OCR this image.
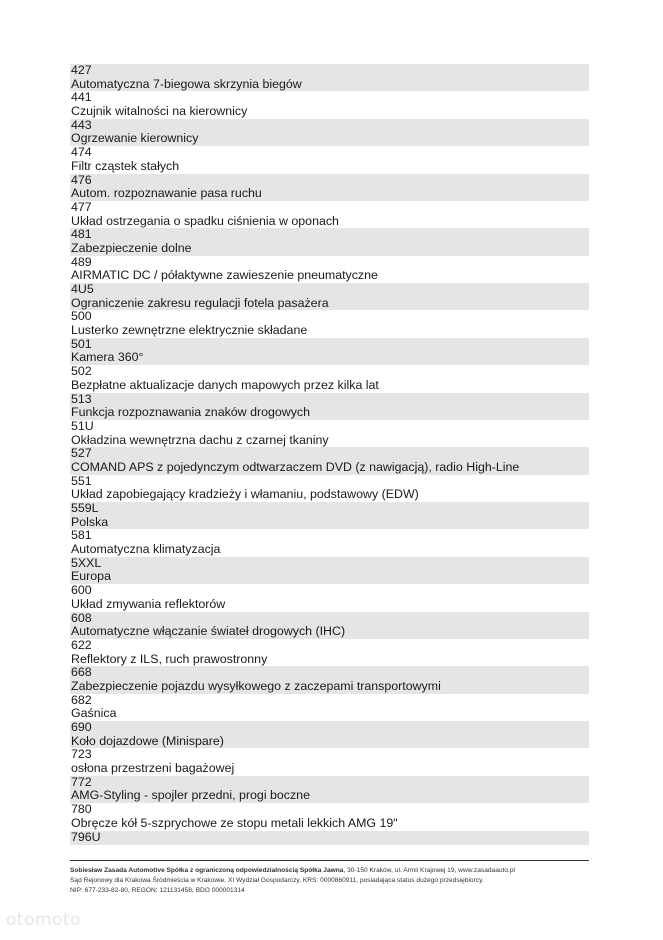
427
Automatyczna 7-biegowa skrzynia biegów
441
Czujnik witalności na kierownicy
443
Ogrzewanie kierownicy
474
Filtr cząstek stałych
476
Autom. rozpoznawanie pasa ruchu
477
Układ ostrzegania o spadku ciśnienia w oponach
481
Zabezpieczenie dolne
489
AIRMATIC DC / półaktywne zawieszenie pneumatyczne
4U5
Ograniczenie zakresu regulacji fotela pasażera
500
Lusterko zewnętrzne elektrycznie składane
501
Kamera 360°
502
Bezpłatne aktualizacje danych mapowych przez kilka lat
513
Funkcja rozpoznawania znaków drogowych
51U
Okładzina wewnętrzna dachu z czarnej tkaniny
527
COMAND APS z pojedynczym odtwarzaczem DVD (z nawigacją), radio High-Line
551
Układ zapobiegający kradzieży i włamaniu, podstawowy (EDW)
559L
Polska
581
Automatyczna klimatyzacja
5XXL
Europa
600
Układ zmywania reflektorów
608
Automatyczne włączanie świateł drogowych (IHC)
622
Reflektory z ILS, ruch prawostronny
668
Zabezpieczenie pojazdu wysyłkowego z zaczepami transportowymi
682
Gaśnica
690
Koło dojazdowe (Minispare)
723
osłona przestrzeni bagażowej
772
AMG-Styling - spojler przedni, progi boczne
780
Obręcze kół 5-szprychowe ze stopu metali lekkich AMG 19"
796U
Sobiesław Zasada Automotive Spółka z ograniczoną odpowiedzialnością Spółka Jawna, 30-150 Kraków, ul. Armii Krajowej 19, www.zasadaauto.pl
Sąd Rejonowy dla Krakowa Śródmieścia w Krakowie, XI Wydział Gospodarczy, KRS: 0000860911, posiadająca status dużego przedsiębiorcy.
NIP: 677-233-82-80, REGON: 121131458, BDO 000001314
otomoto
